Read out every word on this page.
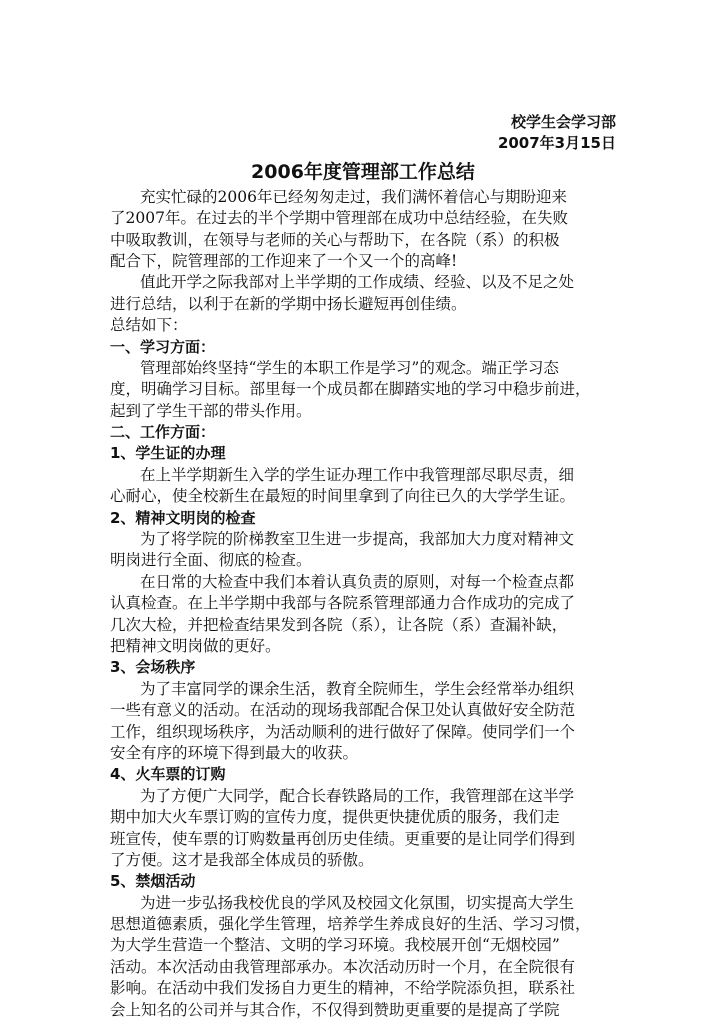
校学生会学习部
2007年3月15日
2006年度管理部工作总结
充实忙碌的2006年已经匆匆走过，我们满怀着信心与期盼迎来
了2007年。在过去的半个学期中管理部在成功中总结经验，在失败
中吸取教训，在领导与老师的关心与帮助下，在各院（系）的积极
配合下，院管理部的工作迎来了一个又一个的高峰!
值此开学之际我部对上半学期的工作成绩、经验、以及不足之处
进行总结，以利于在新的学期中扬长避短再创佳绩。
总结如下：
一、学习方面：
管理部始终坚持“学生的本职工作是学习”的观念。端正学习态
度，明确学习目标。部里每一个成员都在脚踏实地的学习中稳步前进，
起到了学生干部的带头作用。
二、工作方面：
1、学生证的办理
在上半学期新生入学的学生证办理工作中我管理部尽职尽责，细
心耐心，使全校新生在最短的时间里拿到了向往已久的大学学生证。
2、精神文明岗的检查
为了将学院的阶梯教室卫生进一步提高，我部加大力度对精神文
明岗进行全面、彻底的检查。
在日常的大检查中我们本着认真负责的原则，对每一个检查点都
认真检查。在上半学期中我部与各院系管理部通力合作成功的完成了
几次大检，并把检查结果发到各院（系），让各院（系）查漏补缺，
把精神文明岗做的更好。
3、会场秩序
为了丰富同学的课余生活，教育全院师生，学生会经常举办组织
一些有意义的活动。在活动的现场我部配合保卫处认真做好安全防范
工作，组织现场秩序，为活动顺利的进行做好了保障。使同学们一个
安全有序的环境下得到最大的收获。
4、火车票的订购
为了方便广大同学，配合长春铁路局的工作，我管理部在这半学
期中加大火车票订购的宣传力度，提供更快捷优质的服务，我们走
班宣传，使车票的订购数量再创历史佳绩。更重要的是让同学们得到
了方便。这才是我部全体成员的骄傲。
5、禁烟活动
为进一步弘扬我校优良的学风及校园文化氛围，切实提高大学生
思想道德素质，强化学生管理，培养学生养成良好的生活、学习习惯，
为大学生营造一个整洁、文明的学习环境。我校展开创“无烟校园”
活动。本次活动由我管理部承办。本次活动历时一个月，在全院很有
影响。在活动中我们发扬自力更生的精神，不给学院添负担，联系社
会上知名的公司并与其合作，不仅得到赞助更重要的是提高了学院
